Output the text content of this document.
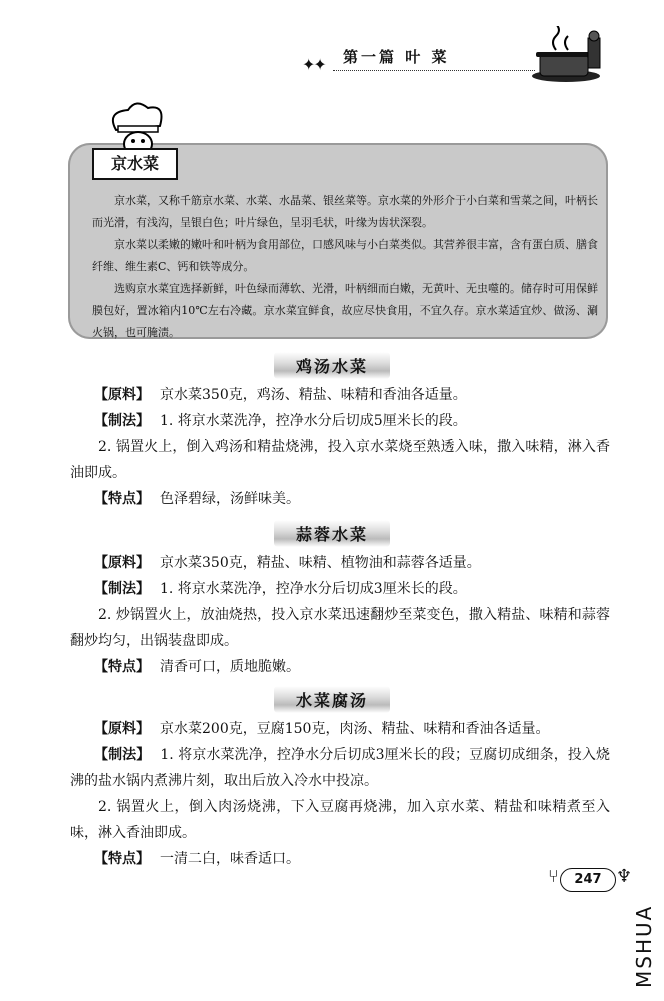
✦✦ 第一篇 叶 菜
京水菜

京水菜，又称千筋京水菜、水菜、水晶菜、银丝菜等。京水菜的外形介于小白菜和雪菜之间，叶柄长而光滑，有浅沟，呈银白色；叶片绿色，呈羽毛状，叶缘为齿状深裂。

京水菜以柔嫩的嫩叶和叶柄为食用部位，口感风味与小白菜类似。其营养很丰富，含有蛋白质、膳食纤维、维生素C、钙和铁等成分。

选购京水菜宜选择新鲜，叶色绿而薄软、光滑，叶柄细而白嫩，无黄叶、无虫噬的。储存时可用保鲜膜包好，置冰箱内10℃左右冷藏。京水菜宜鲜食，故应尽快食用，不宜久存。京水菜适宜炒、做汤、涮火锅，也可腌渍。

鸡汤水菜

【原料】 京水菜350克，鸡汤、精盐、味精和香油各适量。

【制法】 1. 将京水菜洗净，控净水分后切成5厘米长的段。

2. 锅置火上，倒入鸡汤和精盐烧沸，投入京水菜烧至熟透入味，撒入味精，淋入香油即成。

【特点】 色泽碧绿，汤鲜味美。

蒜蓉水菜

【原料】 京水菜350克，精盐、味精、植物油和蒜蓉各适量。

【制法】 1. 将京水菜洗净，控净水分后切成3厘米长的段。

2. 炒锅置火上，放油烧热，投入京水菜迅速翻炒至菜变色，撒入精盐、味精和蒜蓉翻炒均匀，出锅装盘即成。

【特点】 清香可口，质地脆嫩。

水菜腐汤

【原料】 京水菜200克，豆腐150克，肉汤、精盐、味精和香油各适量。

【制法】 1. 将京水菜洗净，控净水分后切成3厘米长的段；豆腐切成细条，投入烧沸的盐水锅内煮沸片刻，取出后放入冷水中投凉。

2. 锅置火上，倒入肉汤烧沸，下入豆腐再烧沸，加入京水菜、精盐和味精煮至入味，淋入香油即成。

【特点】 一清二白，味香适口。

⑂	247 ♆
MSHUA
